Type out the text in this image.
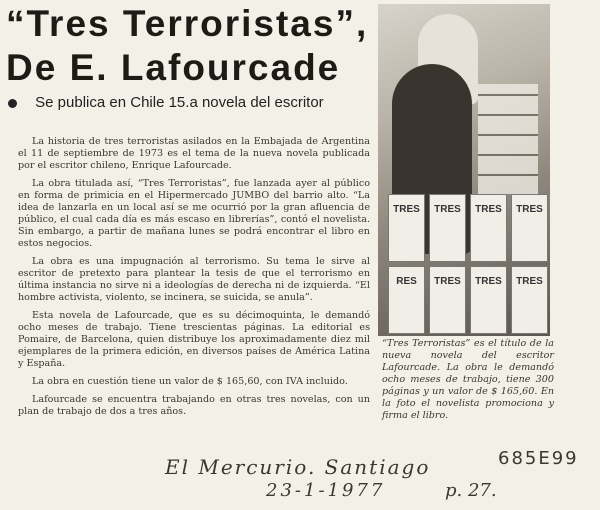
“Tres Terroristas”,
De E. Lafourcade
Se publica en Chile 15.a novela del escritor

La historia de tres terroristas asilados en la Embajada de Argentina el 11 de septiembre de 1973 es el tema de la nueva novela publicada por el escritor chileno, Enrique Lafourcade.

La obra titulada así, “Tres Terroristas”, fue lanzada ayer al público en forma de primicia en el Hipermercado JUMBO del barrio alto. “La idea de lanzarla en un local así se me ocurrió por la gran afluencia de público, el cual cada día es más escaso en librerías”, contó el novelista. Sin embargo, a partir de mañana lunes se podrá encontrar el libro en estos negocios.

La obra es una impugnación al terrorismo. Su tema le sirve al escritor de pretexto para plantear la tesis de que el terrorismo en última instancia no sirve ni a ideologías de derecha ni de izquierda. “El hombre activista, violento, se incinera, se suicida, se anula”.

Esta novela de Lafourcade, que es su décimoquinta, le demandó ocho meses de trabajo. Tiene trescientas páginas. La editorial es Pomaire, de Barcelona, quien distribuye los aproximadamente diez mil ejemplares de la primera edición, en diversos países de América Latina y España.

La obra en cuestión tiene un valor de $ 165,60, con IVA incluido.

Lafourcade se encuentra trabajando en otras tres novelas, con un plan de trabajo de dos a tres años.

TRES	TRES	TRES	TRES
RES	TRES	TRES	TRES
“Tres Terroristas” es el título de la nueva novela del escritor Lafourcade. La obra le demandó ocho meses de trabajo, tiene 300 páginas y un valor de $ 165,60. En la foto el novelista promociona y firma el libro.
El Mercurio. Santiago
23-1-1977	p. 27.
685E99
